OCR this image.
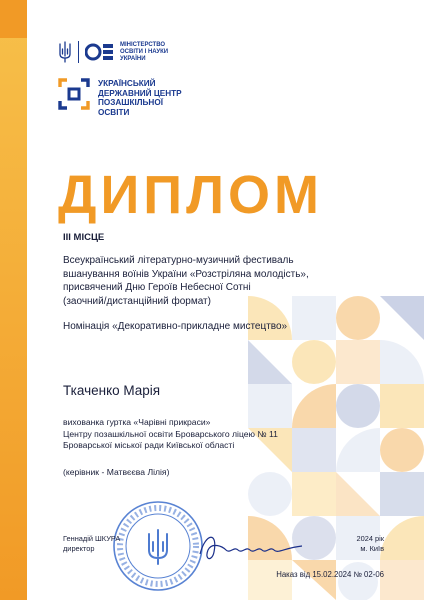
МІНІСТЕРСТВО
ОСВІТИ І НАУКИ
УКРАЇНИ
УКРАЇНСЬКИЙ
ДЕРЖАВНИЙ ЦЕНТР
ПОЗАШКІЛЬНОЇ
ОСВІТИ
ДИПЛОМ

ІІІ МІСЦЕ

Всеукраїнський літературно-музичний фестиваль
вшанування воїнів України «Розстріляна молодість»,
присвячений Дню Героїв Небесної Сотні
(заочний/дистанційний формат)

Номінація «Декоративно-прикладне мистецтво»

Ткаченко Марія

вихованка гуртка «Чарівні прикраси»
Центру позашкільної освіти Броварського ліцею № 11
Броварської міської ради Київської області

(керівник - Матвєєва Лілія)

Геннадій ШКУРА
директор
2024 рік
м. Київ
Наказ від 15.02.2024 № 02-06
